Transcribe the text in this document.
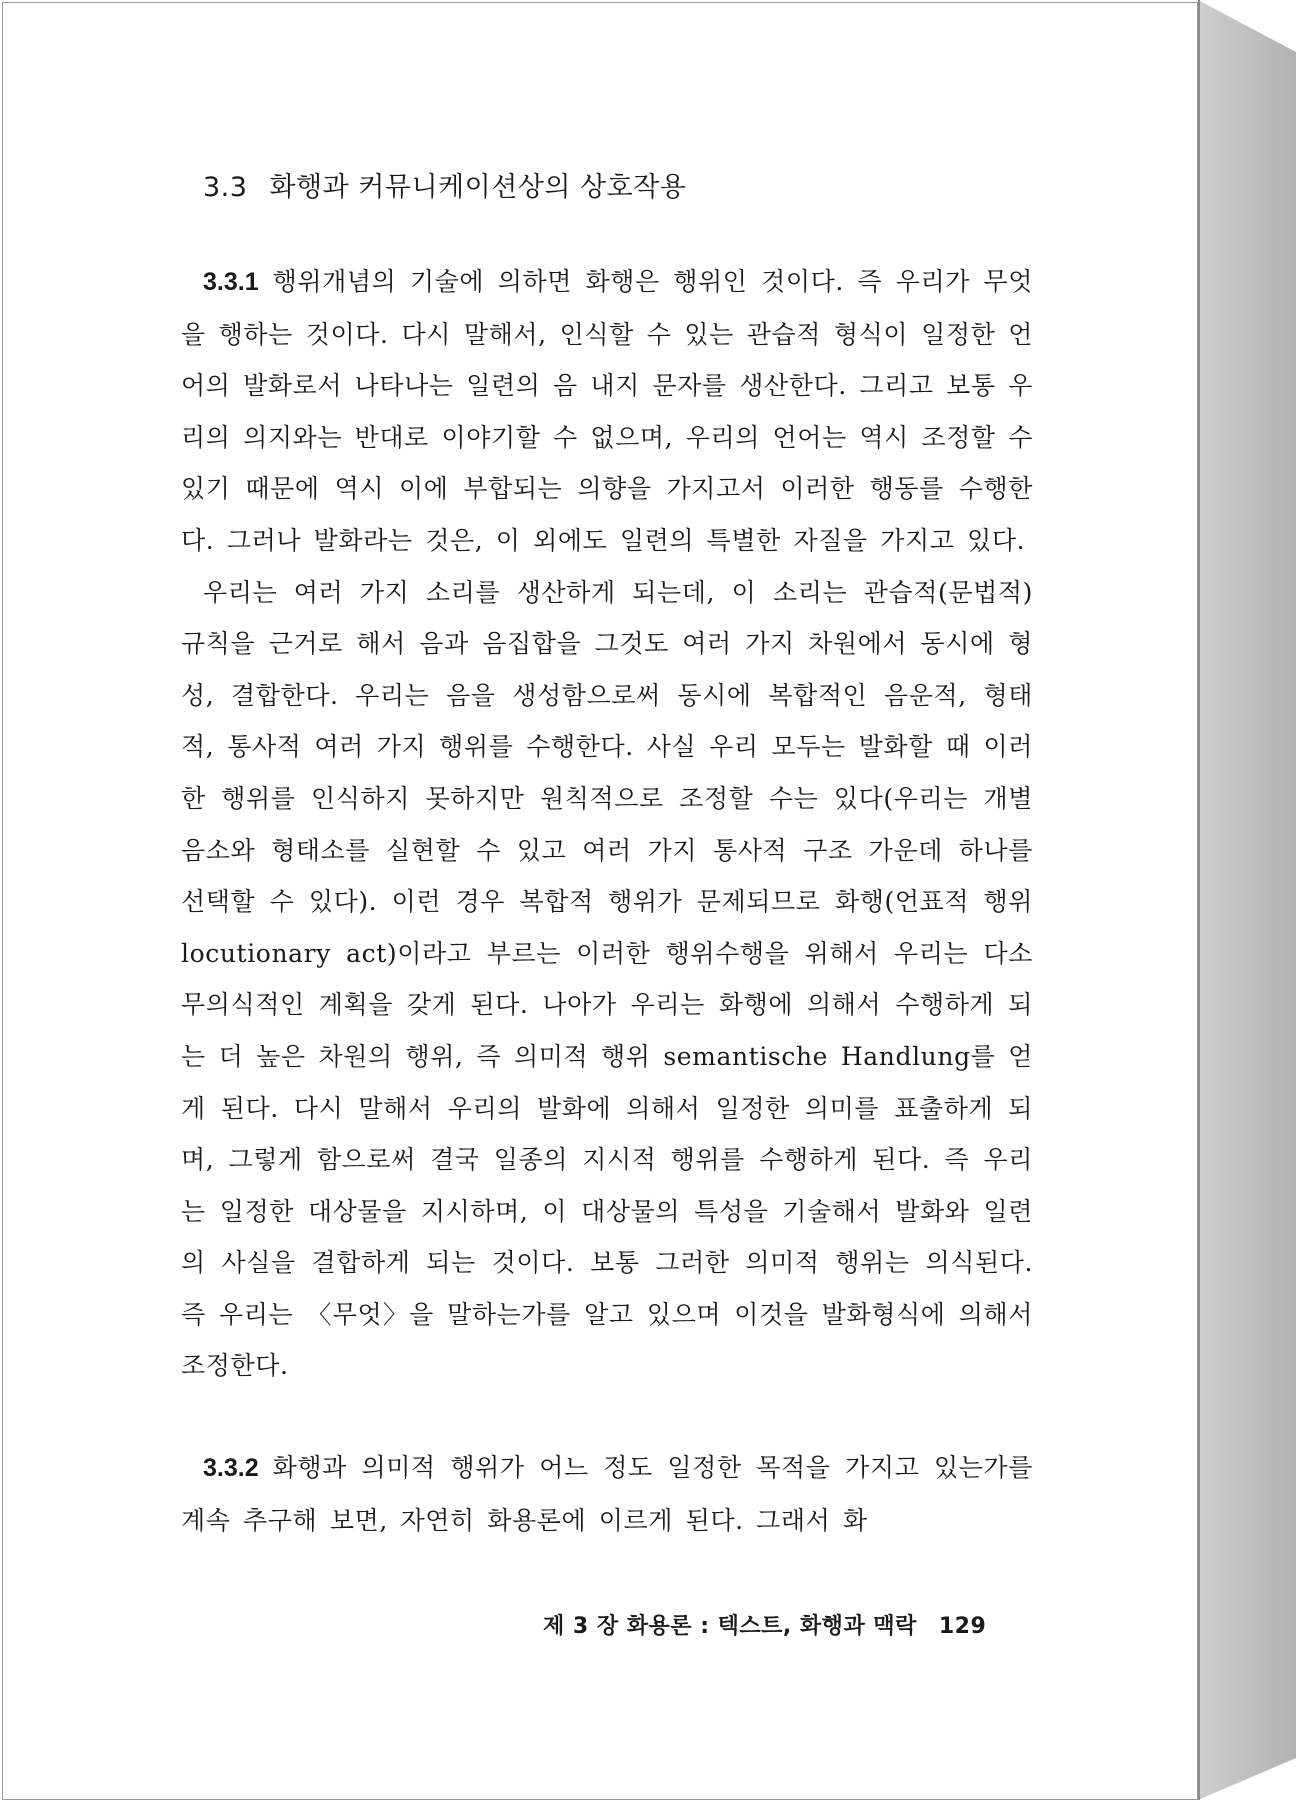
3.3 화행과 커뮤니케이션상의 상호작용

3.3.1 행위개념의 기술에 의하면 화행은 행위인 것이다. 즉 우리가 무엇을 행하는 것이다. 다시 말해서, 인식할 수 있는 관습적 형식이 일정한 언어의 발화로서 나타나는 일련의 음 내지 문자를 생산한다. 그리고 보통 우리의 의지와는 반대로 이야기할 수 없으며, 우리의 언어는 역시 조정할 수 있기 때문에 역시 이에 부합되는 의향을 가지고서 이러한 행동를 수행한다. 그러나 발화라는 것은, 이 외에도 일련의 특별한 자질을 가지고 있다.

우리는 여러 가지 소리를 생산하게 되는데, 이 소리는 관습적(문법적) 규칙을 근거로 해서 음과 음집합을 그것도 여러 가지 차원에서 동시에 형성, 결합한다. 우리는 음을 생성함으로써 동시에 복합적인 음운적, 형태적, 통사적 여러 가지 행위를 수행한다. 사실 우리 모두는 발화할 때 이러한 행위를 인식하지 못하지만 원칙적으로 조정할 수는 있다(우리는 개별음소와 형태소를 실현할 수 있고 여러 가지 통사적 구조 가운데 하나를 선택할 수 있다). 이런 경우 복합적 행위가 문제되므로 화행(언표적 행위 locutionary act)이라고 부르는 이러한 행위수행을 위해서 우리는 다소 무의식적인 계획을 갖게 된다. 나아가 우리는 화행에 의해서 수행하게 되는 더 높은 차원의 행위, 즉 의미적 행위 semantische Handlung를 얻게 된다. 다시 말해서 우리의 발화에 의해서 일정한 의미를 표출하게 되며, 그렇게 함으로써 결국 일종의 지시적 행위를 수행하게 된다. 즉 우리는 일정한 대상물을 지시하며, 이 대상물의 특성을 기술해서 발화와 일련의 사실을 결합하게 되는 것이다. 보통 그러한 의미적 행위는 의식된다. 즉 우리는 〈무엇〉을 말하는가를 알고 있으며 이것을 발화형식에 의해서 조정한다.

3.3.2 화행과 의미적 행위가 어느 정도 일정한 목적을 가지고 있는가를 계속 추구해 보면, 자연히 화용론에 이르게 된다. 그래서 화

제 3 장 화용론 : 텍스트, 화행과 맥락 129
